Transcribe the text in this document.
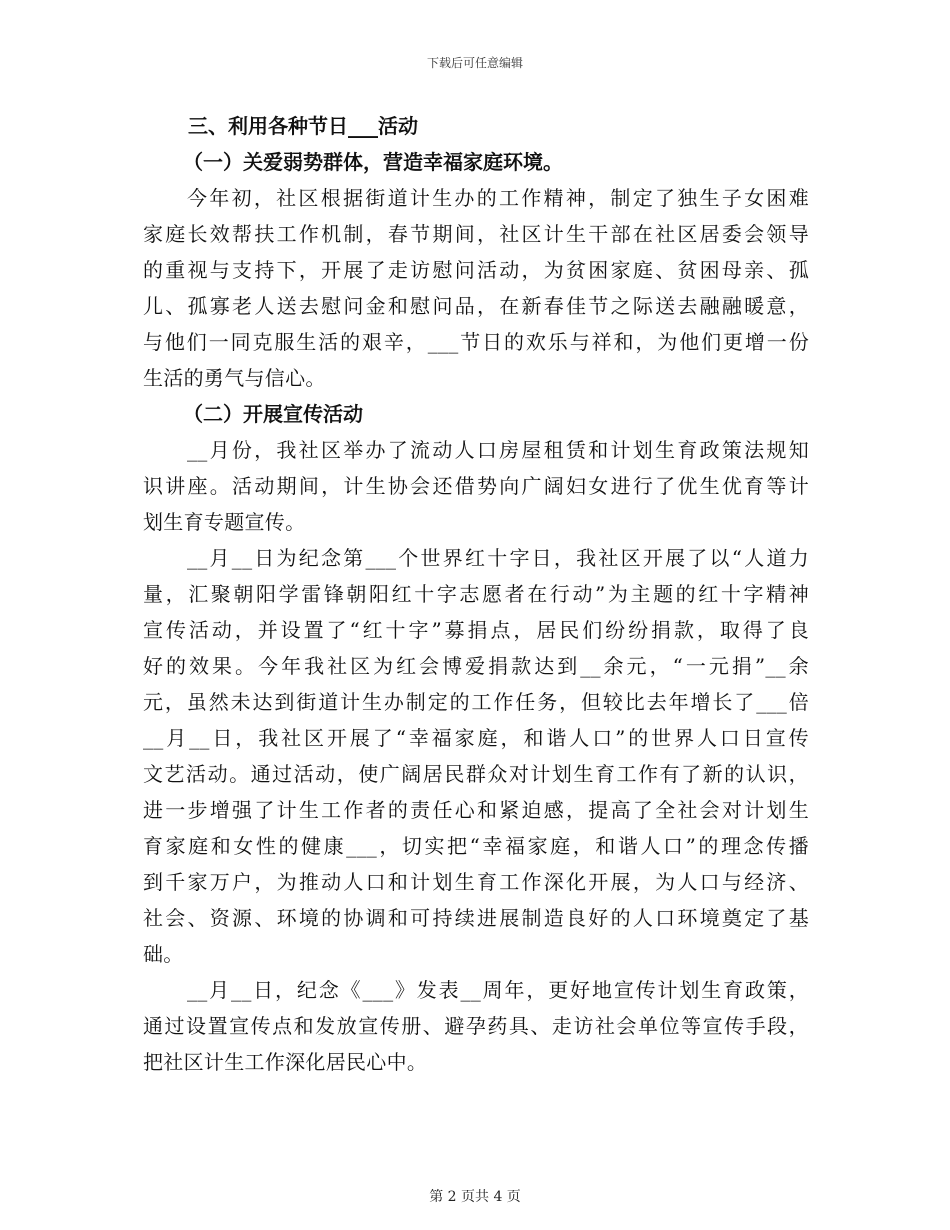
下载后可任意编辑
三、利用各种节日___活动
（一）关爱弱势群体，营造幸福家庭环境。
今年初，社区根据街道计生办的工作精神，制定了独生子女困难
家庭长效帮扶工作机制，春节期间，社区计生干部在社区居委会领导
的重视与支持下，开展了走访慰问活动，为贫困家庭、贫困母亲、孤
儿、孤寡老人送去慰问金和慰问品，在新春佳节之际送去融融暖意，
与他们一同克服生活的艰辛，___节日的欢乐与祥和，为他们更增一份
生活的勇气与信心。
（二）开展宣传活动
__月份，我社区举办了流动人口房屋租赁和计划生育政策法规知
识讲座。活动期间，计生协会还借势向广阔妇女进行了优生优育等计
划生育专题宣传。
__月__日为纪念第___个世界红十字日，我社区开展了以“人道力
量，汇聚朝阳学雷锋朝阳红十字志愿者在行动”为主题的红十字精神
宣传活动，并设置了“红十字”募捐点，居民们纷纷捐款，取得了良
好的效果。今年我社区为红会博爱捐款达到__余元，“一元捐”__余
元，虽然未达到街道计生办制定的工作任务，但较比去年增长了___倍
__月__日，我社区开展了“幸福家庭，和谐人口”的世界人口日宣传
文艺活动。通过活动，使广阔居民群众对计划生育工作有了新的认识，
进一步增强了计生工作者的责任心和紧迫感，提高了全社会对计划生
育家庭和女性的健康___，切实把“幸福家庭，和谐人口”的理念传播
到千家万户，为推动人口和计划生育工作深化开展，为人口与经济、
社会、资源、环境的协调和可持续进展制造良好的人口环境奠定了基
础。
__月__日，纪念《___》发表__周年，更好地宣传计划生育政策，
通过设置宣传点和发放宣传册、避孕药具、走访社会单位等宣传手段，
把社区计生工作深化居民心中。
第 2 页共 4 页
